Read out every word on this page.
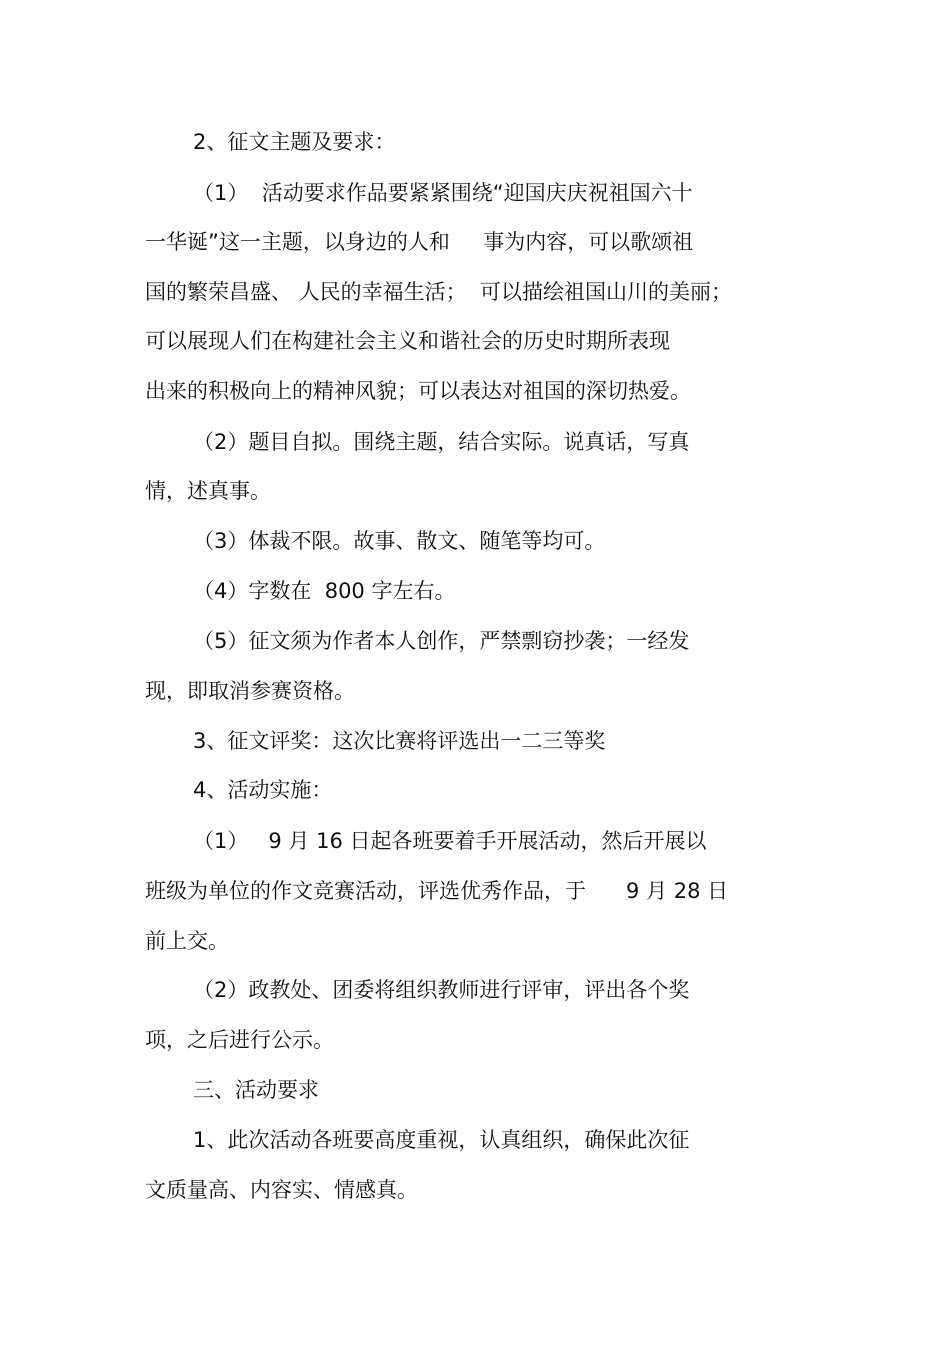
2、征文主题及要求：
（1）  活动要求作品要紧紧围绕“迎国庆庆祝祖国六十
一华诞”这一主题，以身边的人和     事为内容，可以歌颂祖
国的繁荣昌盛、 人民的幸福生活；  可以描绘祖国山川的美丽；
可以展现人们在构建社会主义和谐社会的历史时期所表现
出来的积极向上的精神风貌；可以表达对祖国的深切热爱。
（2）题目自拟。围绕主题，结合实际。说真话，写真
情，述真事。
（3）体裁不限。故事、散文、随笔等均可。
（4）字数在  800 字左右。
（5）征文须为作者本人创作，严禁剽窃抄袭；一经发
现，即取消参赛资格。
3、征文评奖：这次比赛将评选出一二三等奖
4、活动实施：
（1）   9 月 16 日起各班要着手开展活动，然后开展以
班级为单位的作文竞赛活动，评选优秀作品，于      9 月 28 日
前上交。
（2）政教处、团委将组织教师进行评审，评出各个奖
项，之后进行公示。
三、活动要求
1、此次活动各班要高度重视，认真组织，确保此次征
文质量高、内容实、情感真。
